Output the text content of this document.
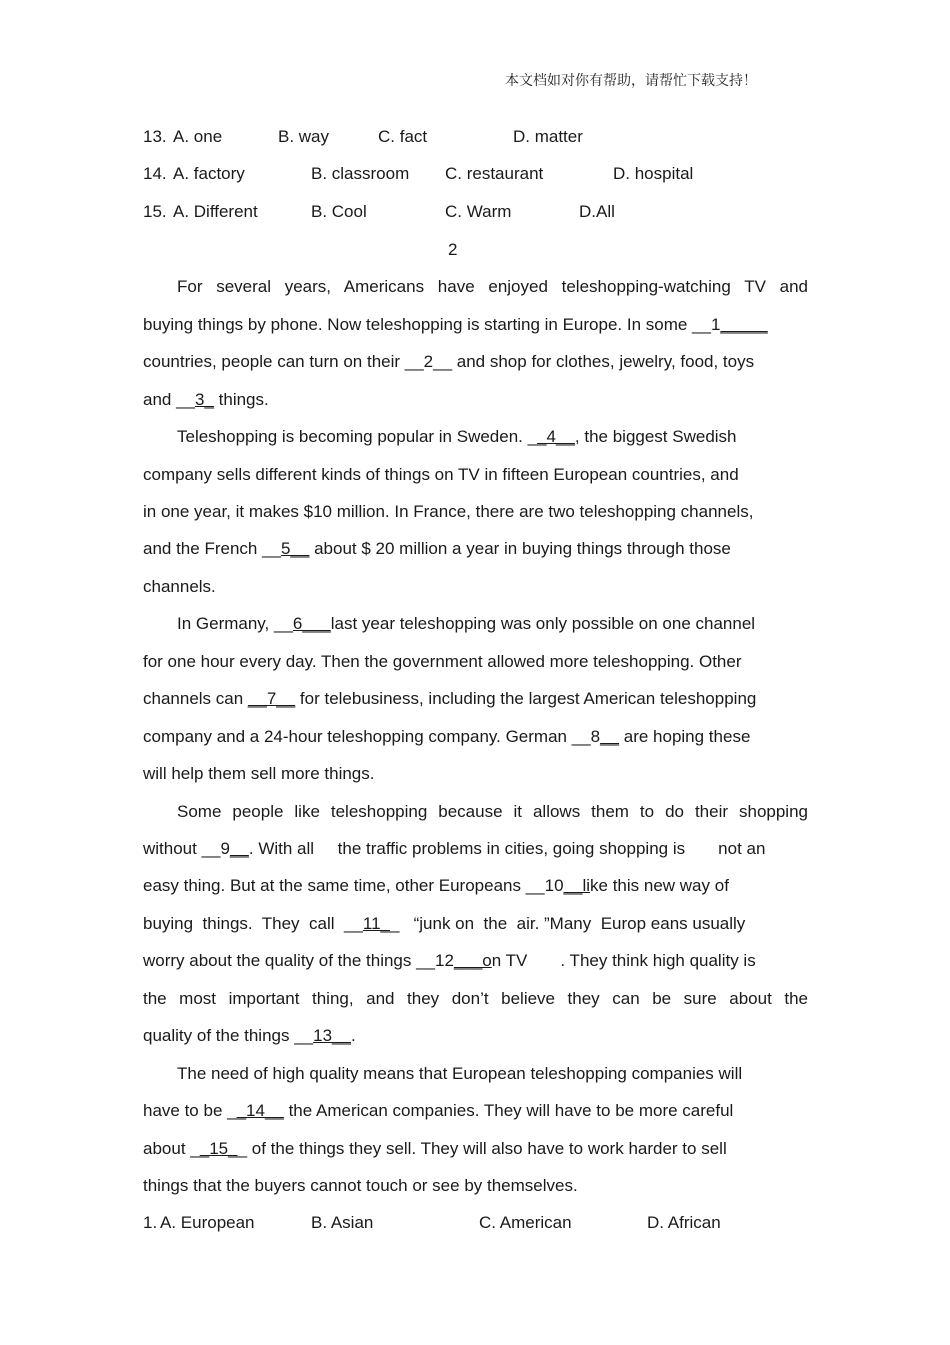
本文档如对你有帮助，请帮忙下载支持！
13. A. one	B. way	C. fact	D. matter
14. A. factory	B. classroom C. restaurant	D. hospital
15. A. Different	B. Cool	C. Warm	D.All
2
For several years, Americans have enjoyed teleshopping-watching TV and
buying things by phone. Now teleshopping is starting in Europe. In some __1_____
countries, people can turn on their __2__ and shop for clothes, jewelry, food, toys
and __3_ things.
Teleshopping is becoming popular in Sweden. __4__, the biggest Swedish
company sells different kinds of things on TV in fifteen European countries, and
in one year, it makes $10 million. In France, there are two teleshopping channels,
and the French __5__ about $ 20 million a year in buying things through those
channels.
In Germany, __6___last year teleshopping was only possible on one channel
for one hour every day. Then the government allowed more teleshopping. Other
channels can __7__ for telebusiness, including the largest American teleshopping
company and a 24-hour teleshopping company. German __8__ are hoping these
will help them sell more things.
Some people like teleshopping because it allows them to do their shopping
without __9__. With all     the traffic problems in cities, going shopping is       not an
easy thing. But at the same time, other Europeans __10__like this new way of
buying  things.  They  call  __11__   “junk on  the  air. ”Many  Europ eans usually
worry about the quality of the things __12___on TV       . They think high quality is
the most important thing, and they don’t believe they can be sure about the
quality of the things __13__.
The need of high quality means that European teleshopping companies will
have to be __14__ the American companies. They will have to be more careful
about __15__ of the things they sell. They will also have to work harder to sell
things that the buyers cannot touch or see by themselves.
1. A. European	B. Asian	C. American	D. African
